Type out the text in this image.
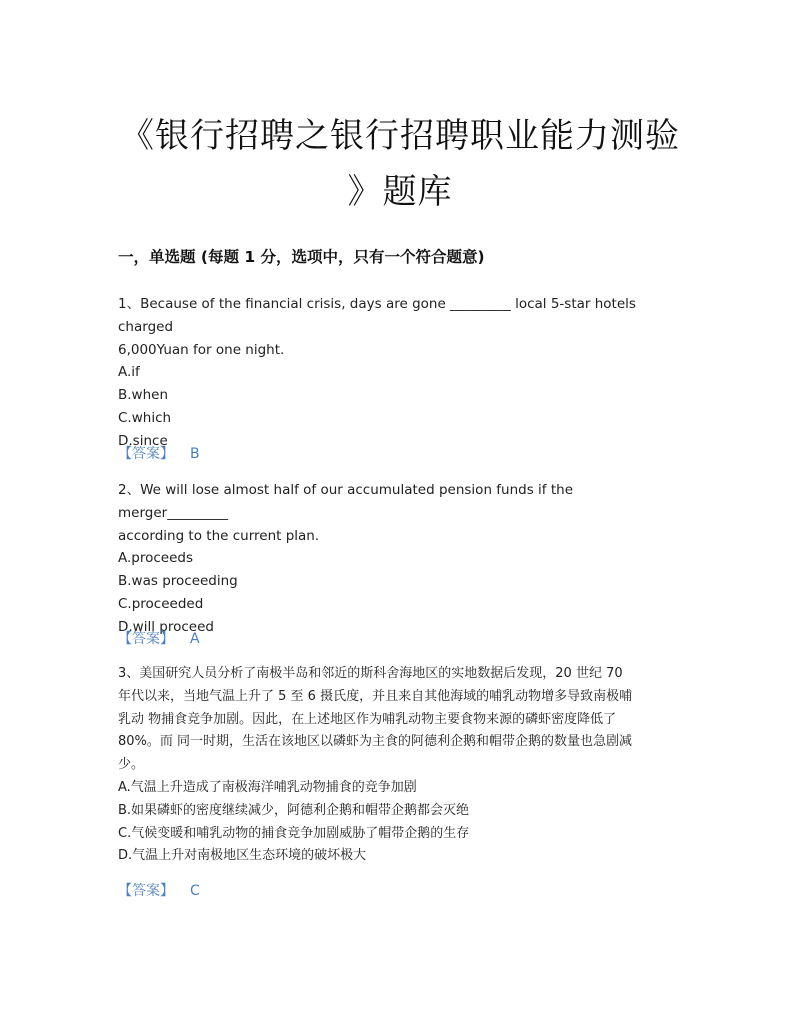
《银行招聘之银行招聘职业能力测验
》题库
一，单选题 (每题 1 分，选项中，只有一个符合题意)

1、Because of the financial crisis, days are gone _________ local 5-star hotels charged

6,000Yuan for one night.

A.if

B.when

C.which

D.since

【答案】 B

2、We will lose almost half of our accumulated pension funds if the merger_________

according to the current plan.

A.proceeds

B.was proceeding

C.proceeded

D.will proceed

【答案】 A

3、美国研究人员分析了南极半岛和邻近的斯科舍海地区的实地数据后发现，20 世纪 70

年代以来，当地气温上升了 5 至 6 摄氏度，并且来自其他海域的哺乳动物增多导致南极哺

乳动 物捕食竞争加剧。因此，在上述地区作为哺乳动物主要食物来源的磷虾密度降低了

80%。而 同一时期，生活在该地区以磷虾为主食的阿德利企鹅和帽带企鹅的数量也急剧减

少。

A.气温上升造成了南极海洋哺乳动物捕食的竞争加剧

B.如果磷虾的密度继续减少，阿德利企鹅和帽带企鹅都会灭绝

C.气候变暖和哺乳动物的捕食竞争加剧威胁了帽带企鹅的生存

D.气温上升对南极地区生态环境的破坏极大

【答案】 C
